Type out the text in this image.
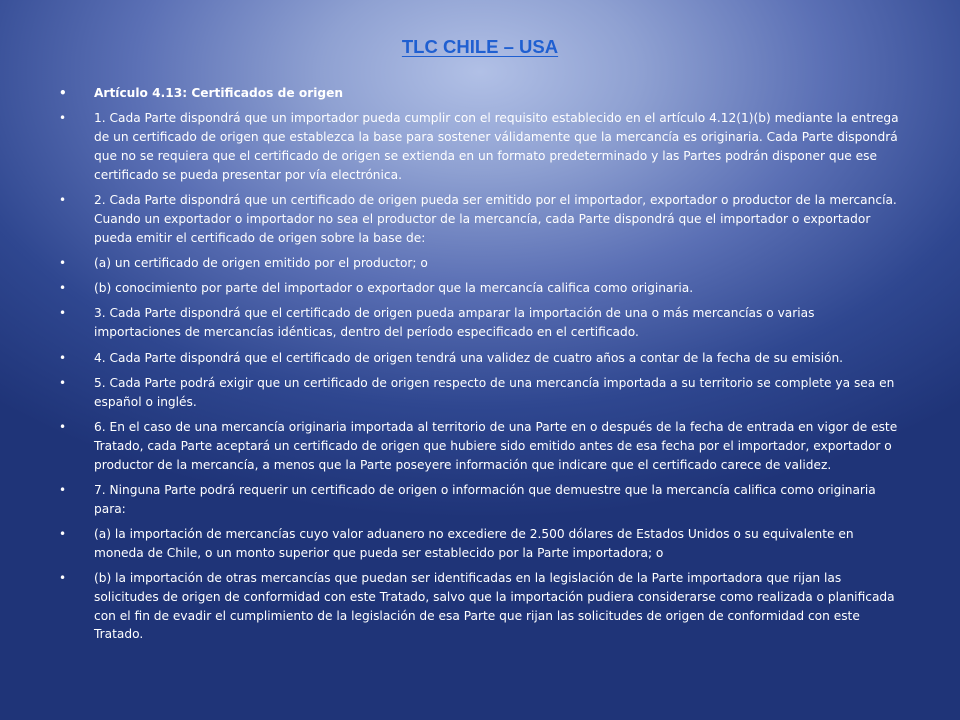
TLC CHILE – USA
• Artículo 4.13: Certificados de origen
• 1. Cada Parte dispondrá que un importador pueda cumplir con el requisito establecido en el artículo 4.12(1)(b) mediante la entrega de un certificado de origen que establezca la base para sostener válidamente que la mercancía es originaria. Cada Parte dispondrá que no se requiera que el certificado de origen se extienda en un formato predeterminado y las Partes podrán disponer que ese certificado se pueda presentar por vía electrónica.
• 2. Cada Parte dispondrá que un certificado de origen pueda ser emitido por el importador, exportador o productor de la mercancía. Cuando un exportador o importador no sea el productor de la mercancía, cada Parte dispondrá que el importador o exportador pueda emitir el certificado de origen sobre la base de:
• (a) un certificado de origen emitido por el productor; o
• (b) conocimiento por parte del importador o exportador que la mercancía califica como originaria.
• 3. Cada Parte dispondrá que el certificado de origen pueda amparar la importación de una o más mercancías o varias importaciones de mercancías idénticas, dentro del período especificado en el certificado.
• 4. Cada Parte dispondrá que el certificado de origen tendrá una validez de cuatro años a contar de la fecha de su emisión.
• 5. Cada Parte podrá exigir que un certificado de origen respecto de una mercancía importada a su territorio se complete ya sea en español o inglés.
• 6. En el caso de una mercancía originaria importada al territorio de una Parte en o después de la fecha de entrada en vigor de este Tratado, cada Parte aceptará un certificado de origen que hubiere sido emitido antes de esa fecha por el importador, exportador o productor de la mercancía, a menos que la Parte poseyere información que indicare que el certificado carece de validez.
• 7. Ninguna Parte podrá requerir un certificado de origen o información que demuestre que la mercancía califica como originaria para:
• (a) la importación de mercancías cuyo valor aduanero no excediere de 2.500 dólares de Estados Unidos o su equivalente en moneda de Chile, o un monto superior que pueda ser establecido por la Parte importadora; o
• (b) la importación de otras mercancías que puedan ser identificadas en la legislación de la Parte importadora que rijan las solicitudes de origen de conformidad con este Tratado, salvo que la importación pudiera considerarse como realizada o planificada con el fin de evadir el cumplimiento de la legislación de esa Parte que rijan las solicitudes de origen de conformidad con este Tratado.
